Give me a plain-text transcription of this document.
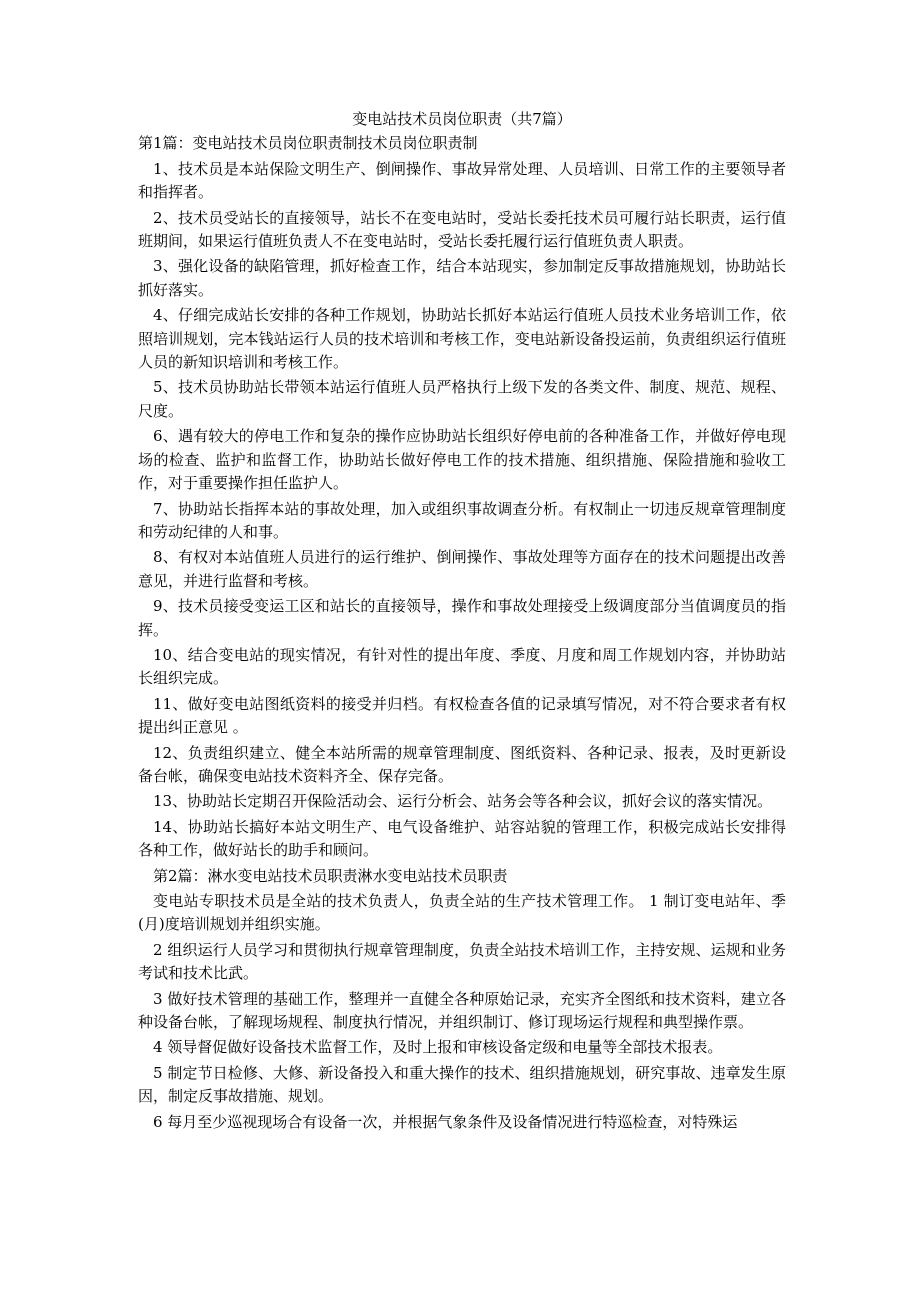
变电站技术员岗位职责（共7篇）
第1篇：变电站技术员岗位职责制技术员岗位职责制
1、技术员是本站保险文明生产、倒闸操作、事故异常处理、人员培训、日常工作的主要领导者和指挥者。
2、技术员受站长的直接领导，站长不在变电站时，受站长委托技术员可履行站长职责，运行值班期间，如果运行值班负责人不在变电站时，受站长委托履行运行值班负责人职责。
3、强化设备的缺陷管理，抓好检查工作，结合本站现实，参加制定反事故措施规划，协助站长抓好落实。
4、仔细完成站长安排的各种工作规划，协助站长抓好本站运行值班人员技术业务培训工作，依照培训规划，完本钱站运行人员的技术培训和考核工作，变电站新设备投运前，负责组织运行值班人员的新知识培训和考核工作。
5、技术员协助站长带领本站运行值班人员严格执行上级下发的各类文件、制度、规范、规程、尺度。
6、遇有较大的停电工作和复杂的操作应协助站长组织好停电前的各种准备工作，并做好停电现场的检查、监护和监督工作，协助站长做好停电工作的技术措施、组织措施、保险措施和验收工作，对于重要操作担任监护人。
7、协助站长指挥本站的事故处理，加入或组织事故调查分析。有权制止一切违反规章管理制度和劳动纪律的人和事。
8、有权对本站值班人员进行的运行维护、倒闸操作、事故处理等方面存在的技术问题提出改善意见，并进行监督和考核。
9、技术员接受变运工区和站长的直接领导，操作和事故处理接受上级调度部分当值调度员的指挥。
10、结合变电站的现实情况，有针对性的提出年度、季度、月度和周工作规划内容，并协助站长组织完成。
11、做好变电站图纸资料的接受并归档。有权检查各值的记录填写情况，对不符合要求者有权提出纠正意见 。
12、负责组织建立、健全本站所需的规章管理制度、图纸资料、各种记录、报表，及时更新设备台帐，确保变电站技术资料齐全、保存完备。
13、协助站长定期召开保险活动会、运行分析会、站务会等各种会议，抓好会议的落实情况。
14、协助站长搞好本站文明生产、电气设备维护、站容站貌的管理工作，积极完成站长安排得各种工作，做好站长的助手和顾问。
第2篇：淋水变电站技术员职责淋水变电站技术员职责
变电站专职技术员是全站的技术负责人，负责全站的生产技术管理工作。 1 制订变电站年、季(月)度培训规划并组织实施。
2 组织运行人员学习和贯彻执行规章管理制度，负责全站技术培训工作，主持安规、运规和业务考试和技术比武。
3 做好技术管理的基础工作，整理并一直健全各种原始记录，充实齐全图纸和技术资料，建立各种设备台帐，了解现场规程、制度执行情况，并组织制订、修订现场运行规程和典型操作票。
4 领导督促做好设备技术监督工作，及时上报和审核设备定级和电量等全部技术报表。
5 制定节日检修、大修、新设备投入和重大操作的技术、组织措施规划，研究事故、违章发生原因，制定反事故措施、规划。
6 每月至少巡视现场合有设备一次，并根据气象条件及设备情况进行特巡检查，对特殊运
